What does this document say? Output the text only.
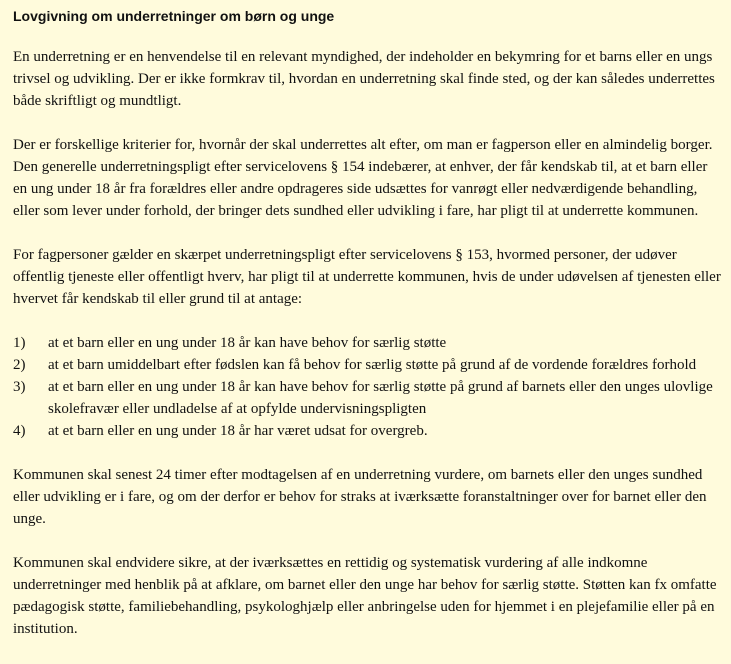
Lovgivning om underretninger om børn og unge

En underretning er en henvendelse til en relevant myndighed, der indeholder en bekymring for et barns eller en ungs trivsel og udvikling. Der er ikke formkrav til, hvordan en underretning skal finde sted, og der kan således underrettes både skriftligt og mundtligt.

Der er forskellige kriterier for, hvornår der skal underrettes alt efter, om man er fagperson eller en almindelig borger. Den generelle underretningspligt efter servicelovens § 154 indebærer, at enhver, der får kendskab til, at et barn eller en ung under 18 år fra forældres eller andre opdrageres side udsættes for vanrøgt eller nedværdigende behandling, eller som lever under forhold, der bringer dets sundhed eller udvikling i fare, har pligt til at underrette kommunen.

For fagpersoner gælder en skærpet underretningspligt efter servicelovens § 153, hvormed personer, der udøver offentlig tjeneste eller offentligt hverv, har pligt til at underrette kommunen, hvis de under udøvelsen af tjenesten eller hvervet får kendskab til eller grund til at antage:

1)	at et barn eller en ung under 18 år kan have behov for særlig støtte
2)	at et barn umiddelbart efter fødslen kan få behov for særlig støtte på grund af de vordende forældres forhold
3)	at et barn eller en ung under 18 år kan have behov for særlig støtte på grund af barnets eller den unges ulovlige skolefravær eller undladelse af at opfylde undervisningspligten
4)	at et barn eller en ung under 18 år har været udsat for overgreb.

Kommunen skal senest 24 timer efter modtagelsen af en underretning vurdere, om barnets eller den unges sundhed eller udvikling er i fare, og om der derfor er behov for straks at iværksætte foranstaltninger over for barnet eller den unge.

Kommunen skal endvidere sikre, at der iværksættes en rettidig og systematisk vurdering af alle indkomne underretninger med henblik på at afklare, om barnet eller den unge har behov for særlig støtte. Støtten kan fx omfatte pædagogisk støtte, familiebehandling, psykologhjælp eller anbringelse uden for hjemmet i en plejefamilie eller på en institution.
